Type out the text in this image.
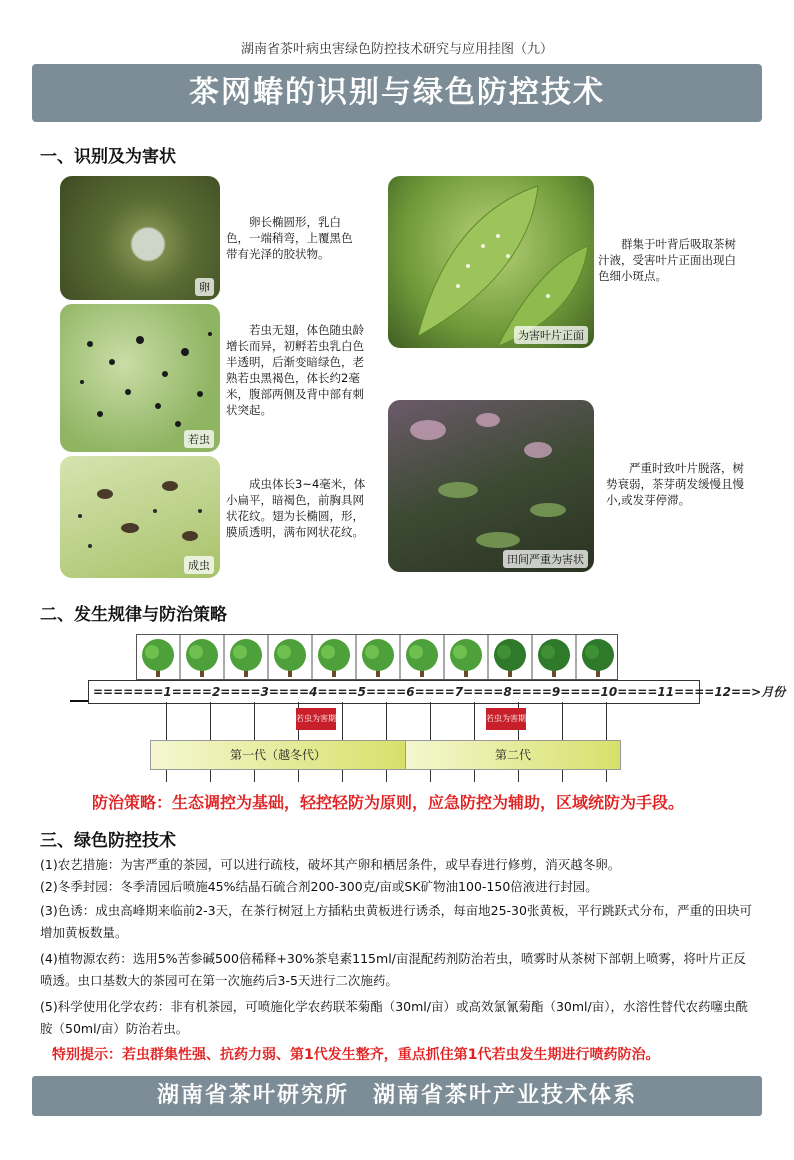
湖南省茶叶病虫害绿色防控技术研究与应用挂图（九）
茶网蝽的识别与绿色防控技术
一、识别及为害状
卵
卵长椭圆形，乳白色，一端稍弯，上覆黑色带有光泽的胶状物。
若虫
若虫无翅，体色随虫龄增长而异，初孵若虫乳白色半透明，后渐变暗绿色，老熟若虫黑褐色，体长约2毫米，腹部两侧及背中部有刺状突起。
成虫
成虫体长3~4毫米，体小扁平，暗褐色，前胸具网状花纹。翅为长椭圆，形，膜质透明，满布网状花纹。
为害叶片正面
群集于叶背后吸取茶树汁液，受害叶片正面出现白色细小斑点。
田间严重为害状
严重时致叶片脱落，树势衰弱，茶芽萌发缓慢且慢小,或发芽停滞。
二、发生规律与防治策略
=======1====2====3====4====5====6====7====8====9====10====11====12==>月份
若虫为害期	若虫为害期
第一代（越冬代）	第二代
防治策略：生态调控为基础，轻控轻防为原则，应急防控为辅助，区域统防为手段。
三、绿色防控技术
(1)农艺措施：为害严重的茶园，可以进行疏枝，破坏其产卵和栖居条件，或早春进行修剪，消灭越冬卵。
(2)冬季封园：冬季清园后喷施45%结晶石硫合剂200-300克/亩或SK矿物油100-150倍液进行封园。
(3)色诱：成虫高峰期来临前2-3天，在茶行树冠上方插粘虫黄板进行诱杀，每亩地25-30张黄板，平行跳跃式分布，严重的田块可增加黄板数量。
(4)植物源农药：选用5%苦参碱500倍稀释+30%茶皂素115ml/亩混配药剂防治若虫，喷雾时从茶树下部朝上喷雾，将叶片正反喷透。虫口基数大的茶园可在第一次施药后3-5天进行二次施药。
(5)科学使用化学农药：非有机茶园，可喷施化学农药联苯菊酯（30ml/亩）或高效氯氰菊酯（30ml/亩），水溶性替代农药噻虫酰胺（50ml/亩）防治若虫。
特别提示：若虫群集性强、抗药力弱、第1代发生整齐，重点抓住第1代若虫发生期进行喷药防治。
湖南省茶叶研究所　湖南省茶叶产业技术体系
